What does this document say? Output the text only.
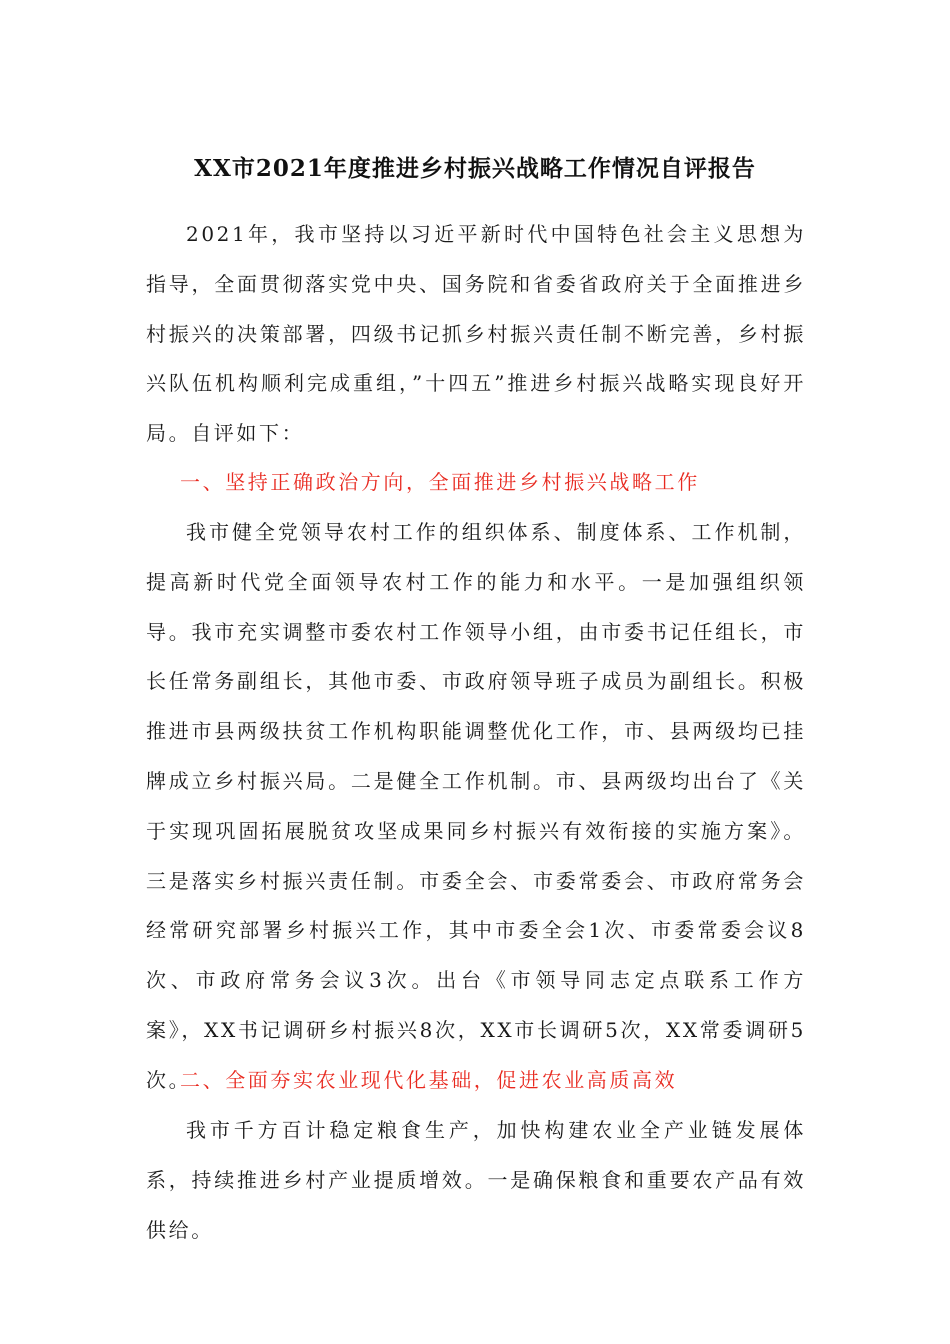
XX市2021年度推进乡村振兴战略工作情况自评报告

2021年，我市坚持以习近平新时代中国特色社会主义思想为指导，全面贯彻落实党中央、国务院和省委省政府关于全面推进乡村振兴的决策部署，四级书记抓乡村振兴责任制不断完善，乡村振兴队伍机构顺利完成重组，”十四五”推进乡村振兴战略实现良好开局。自评如下：

一、坚持正确政治方向，全面推进乡村振兴战略工作

我市健全党领导农村工作的组织体系、制度体系、工作机制，提高新时代党全面领导农村工作的能力和水平。一是加强组织领导。我市充实调整市委农村工作领导小组，由市委书记任组长，市长任常务副组长，其他市委、市政府领导班子成员为副组长。积极推进市县两级扶贫工作机构职能调整优化工作，市、县两级均已挂牌成立乡村振兴局。二是健全工作机制。市、县两级均出台了《关于实现巩固拓展脱贫攻坚成果同乡村振兴有效衔接的实施方案》。三是落实乡村振兴责任制。市委全会、市委常委会、市政府常务会经常研究部署乡村振兴工作，其中市委全会1次、市委常委会议8次、市政府常务会议3次。出台《市领导同志定点联系工作方案》，XX书记调研乡村振兴8次，XX市长调研5次，XX常委调研5次。

二、全面夯实农业现代化基础，促进农业高质高效

我市千方百计稳定粮食生产，加快构建农业全产业链发展体系，持续推进乡村产业提质增效。一是确保粮食和重要农产品有效供给。
